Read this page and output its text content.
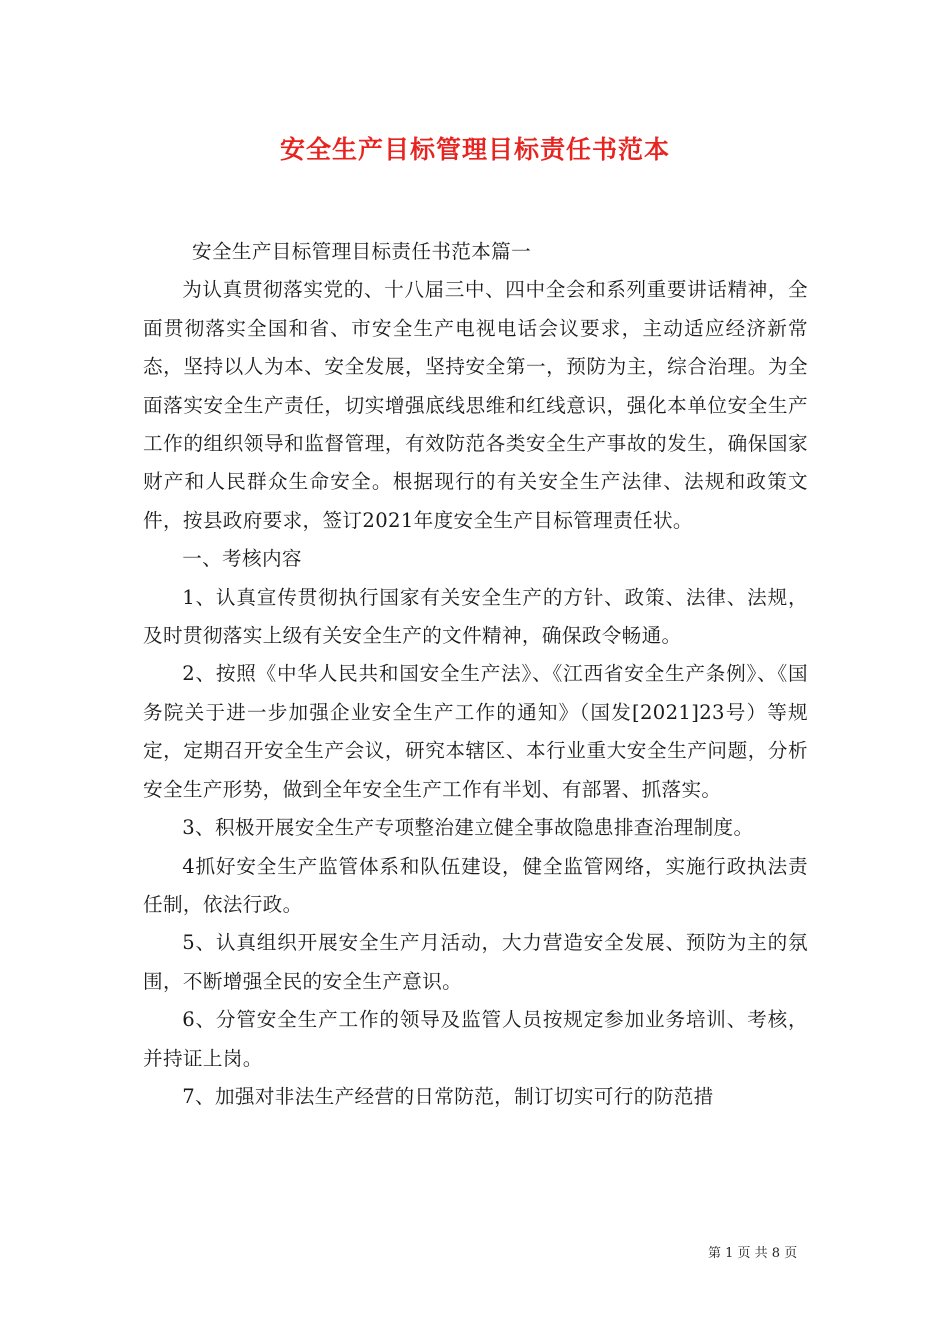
安全生产目标管理目标责任书范本

安全生产目标管理目标责任书范本篇一

为认真贯彻落实党的、十八届三中、四中全会和系列重要讲话精神，全面贯彻落实全国和省、市安全生产电视电话会议要求，主动适应经济新常态，坚持以人为本、安全发展，坚持安全第一，预防为主，综合治理。为全面落实安全生产责任，切实增强底线思维和红线意识，强化本单位安全生产工作的组织领导和监督管理，有效防范各类安全生产事故的发生，确保国家财产和人民群众生命安全。根据现行的有关安全生产法律、法规和政策文件，按县政府要求，签订2021年度安全生产目标管理责任状。

一、考核内容

1、认真宣传贯彻执行国家有关安全生产的方针、政策、法律、法规，及时贯彻落实上级有关安全生产的文件精神，确保政令畅通。

2、按照《中华人民共和国安全生产法》、《江西省安全生产条例》、《国务院关于进一步加强企业安全生产工作的通知》（国发[2021]23号）等规定，定期召开安全生产会议，研究本辖区、本行业重大安全生产问题，分析安全生产形势，做到全年安全生产工作有半划、有部署、抓落实。

3、积极开展安全生产专项整治建立健全事故隐患排查治理制度。

4抓好安全生产监管体系和队伍建设，健全监管网络，实施行政执法责任制，依法行政。

5、认真组织开展安全生产月活动，大力营造安全发展、预防为主的氛围，不断增强全民的安全生产意识。

6、分管安全生产工作的领导及监管人员按规定参加业务培训、考核，并持证上岗。

7、加强对非法生产经营的日常防范，制订切实可行的防范措

第 1 页 共 8 页
